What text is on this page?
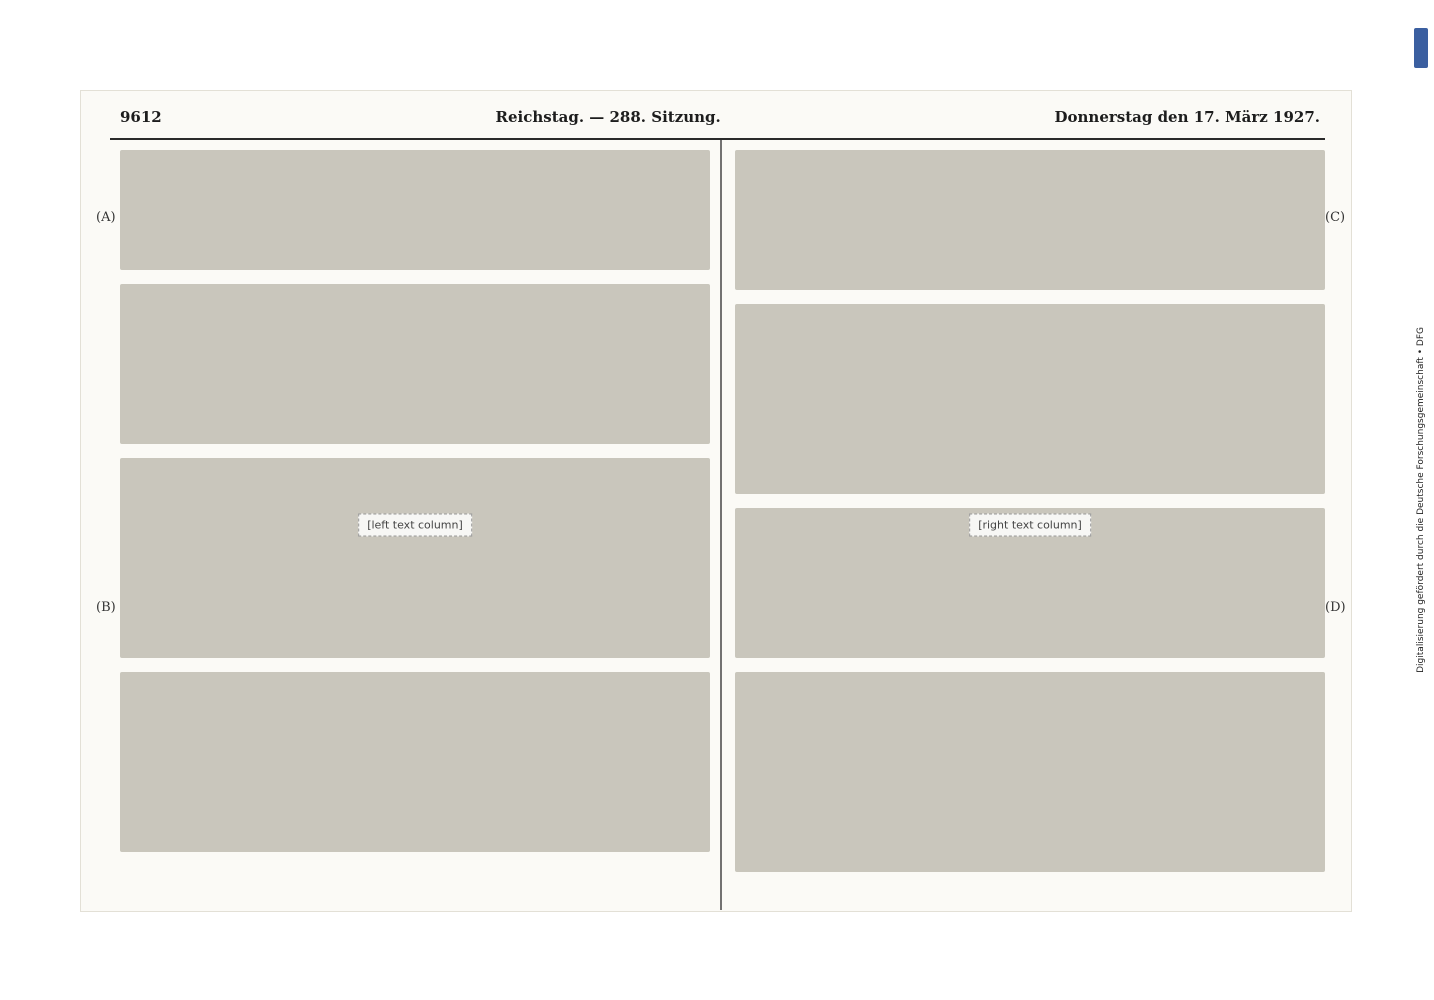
9612	Reichstag. — 288. Sitzung.	Donnerstag den 17. März 1927.
(A)
(B)
(C)
(D)
[left text column]	[right text column]	Digitalisierung gefördert durch die Deutsche Forschungsgemeinschaft • DFG
